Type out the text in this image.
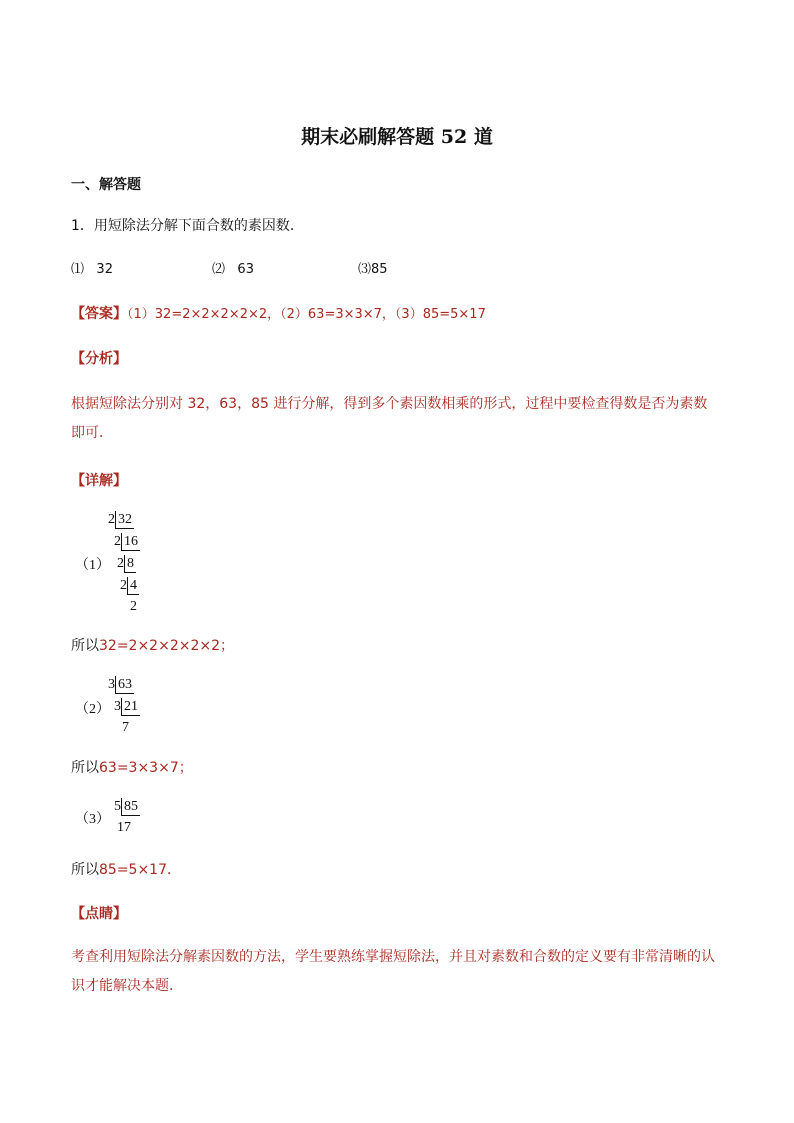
期末必刷解答题 52 道
一、解答题
1．用短除法分解下面合数的素因数．
⑴ 32	⑵ 63	⑶85
【答案】（1）32=2×2×2×2×2，（2）63=3×3×7，（3）85=5×17
【分析】
根据短除法分别对 32，63，85 进行分解，得到多个素因数相乘的形式，过程中要检查得数是否为素数即可．
【详解】
（1）
2 32
2 16
2 8
2 4
2
所以32=2×2×2×2×2；
（2）
3 63
3 21
7
所以63=3×3×7；
（3）
5 85
17
所以85=5×17．
【点睛】
考查利用短除法分解素因数的方法，学生要熟练掌握短除法，并且对素数和合数的定义要有非常清晰的认识才能解决本题．
